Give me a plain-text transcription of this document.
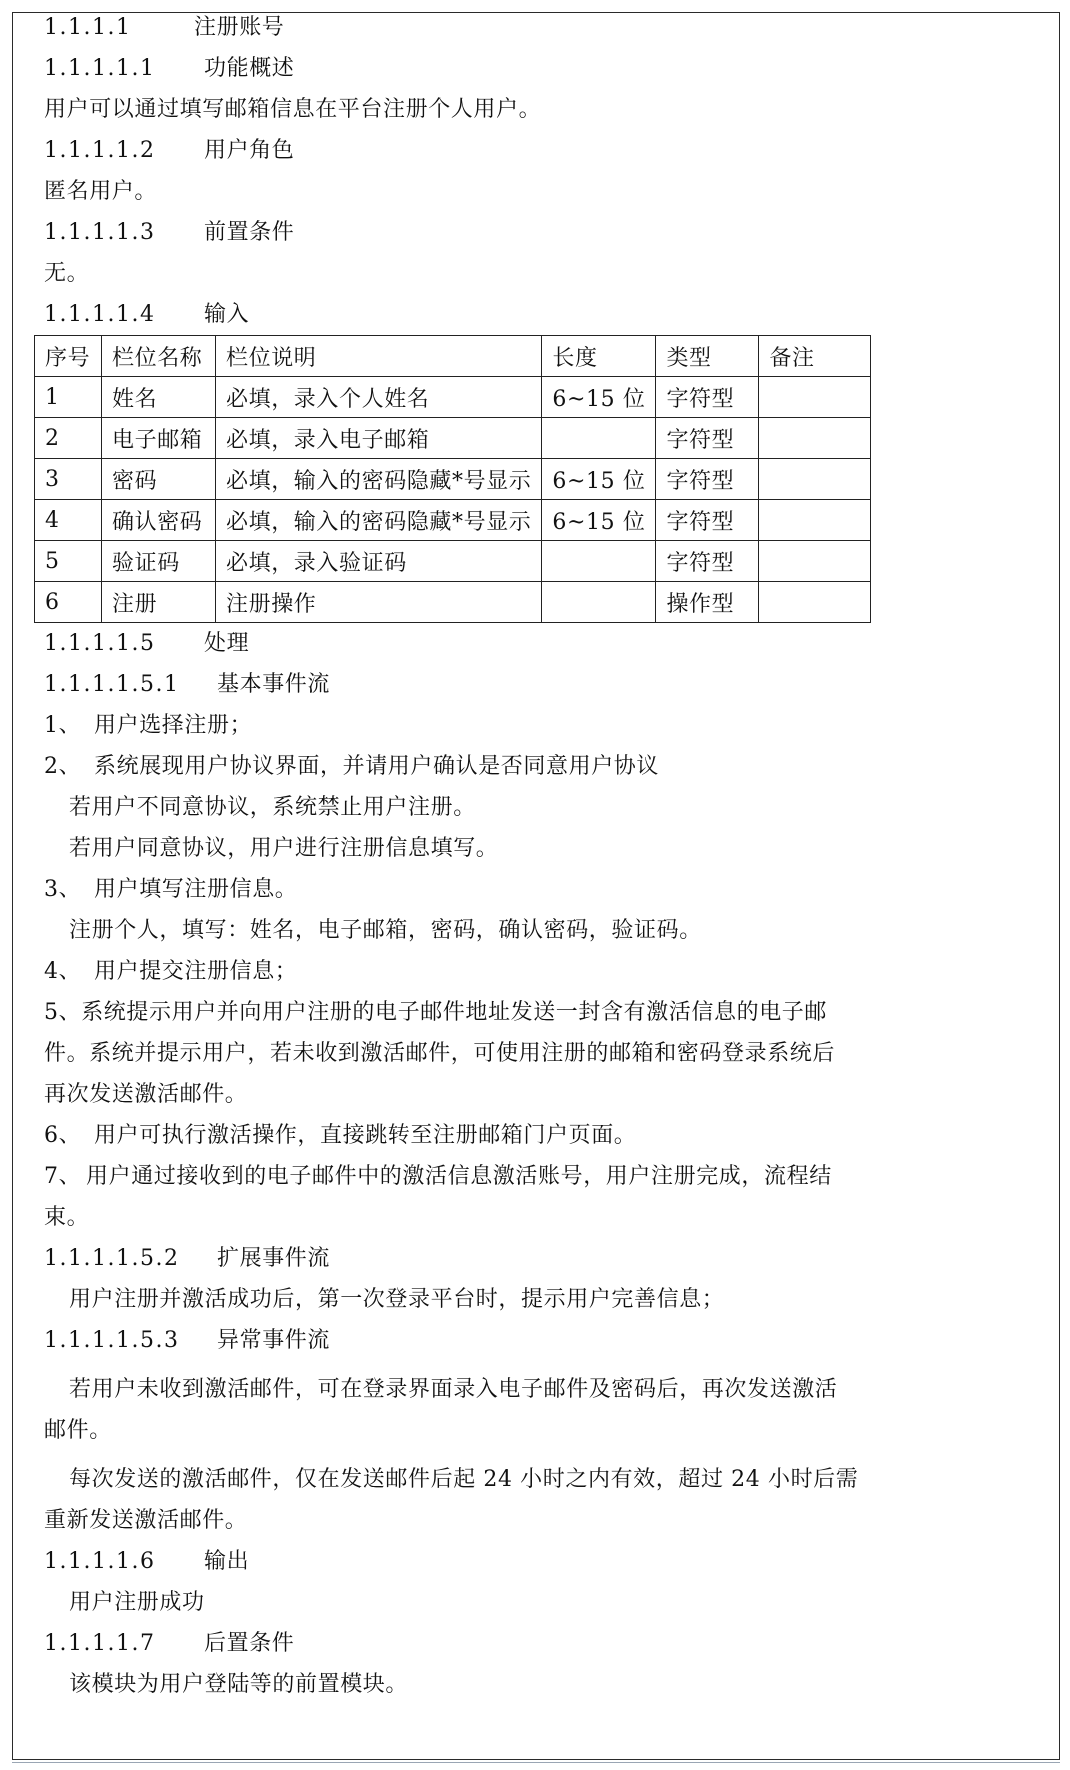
1.1.1.1	注册账号
1.1.1.1.1 功能概述
用户可以通过填写邮箱信息在平台注册个人用户。
1.1.1.1.2 用户角色
匿名用户。
1.1.1.1.3 前置条件
无。
1.1.1.1.4 输入
序号	栏位名称	栏位说明	长度	类型	备注
1	姓名	必填，录入个人姓名	6~15 位	字符型	
2	电子邮箱	必填，录入电子邮箱		字符型	
3	密码	必填，输入的密码隐藏*号显示	6~15 位	字符型	
4	确认密码	必填，输入的密码隐藏*号显示	6~15 位	字符型	
5	验证码	必填，录入验证码		字符型	
6	注册	注册操作		操作型	
1.1.1.1.5 处理
1.1.1.1.5.1 基本事件流
1、 用户选择注册；
2、 系统展现用户协议界面，并请用户确认是否同意用户协议
若用户不同意协议，系统禁止用户注册。
若用户同意协议，用户进行注册信息填写。
3、 用户填写注册信息。
注册个人，填写：姓名，电子邮箱，密码，确认密码，验证码。
4、 用户提交注册信息；
5、系统提示用户并向用户注册的电子邮件地址发送一封含有激活信息的电子邮
件。系统并提示用户，若未收到激活邮件，可使用注册的邮箱和密码登录系统后
再次发送激活邮件。
6、 用户可执行激活操作，直接跳转至注册邮箱门户页面。
7、 用户通过接收到的电子邮件中的激活信息激活账号，用户注册完成，流程结
束。
1.1.1.1.5.2 扩展事件流
用户注册并激活成功后，第一次登录平台时，提示用户完善信息；
1.1.1.1.5.3 异常事件流
若用户未收到激活邮件，可在登录界面录入电子邮件及密码后，再次发送激活
邮件。
每次发送的激活邮件，仅在发送邮件后起 24 小时之内有效，超过 24 小时后需
重新发送激活邮件。
1.1.1.1.6 输出
用户注册成功
1.1.1.1.7 后置条件
该模块为用户登陆等的前置模块。
